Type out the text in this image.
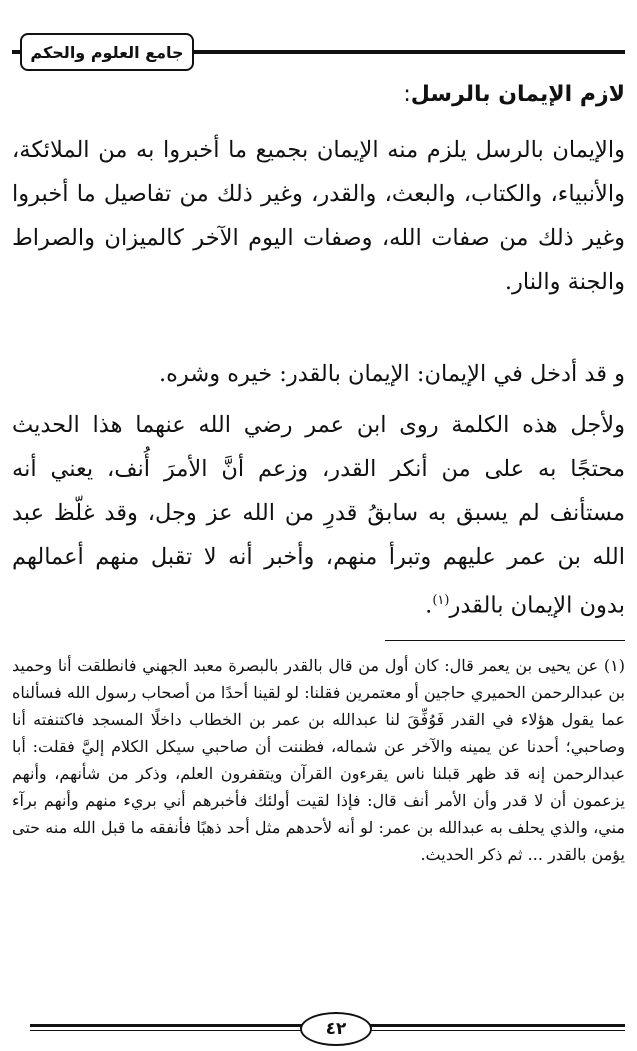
جامع العلوم والحكم
لازم الإيمان بالرسل:
والإيمان بالرسل يلزم منه الإيمان بجميع ما أخبروا به من الملائكة، والأنبياء، والكتاب، والبعث، والقدر، وغير ذلك من تفاصيل ما أخبروا وغير ذلك من صفات الله، وصفات اليوم الآخر كالميزان والصراط والجنة والنار.
و قد أدخل في الإيمان: الإيمان بالقدر: خيره وشره.
ولأجل هذه الكلمة روى ابن عمر رضي الله عنهما هذا الحديث محتجًا به على من أنكر القدر، وزعم أنَّ الأمرَ أُنف، يعني أنه مستأنف لم يسبق به سابقُ قدرِ من الله عز وجل، وقد غلّظ عبد الله بن عمر عليهم وتبرأ منهم، وأخبر أنه لا تقبل منهم أعمالهم بدون الإيمان بالقدر$^{(١)}$.
(١) عن يحيى بن يعمر قال: كان أول من قال بالقدر بالبصرة معبد الجهني فانطلقت أنا وحميد بن عبدالرحمن الحميري حاجين أو معتمرين فقلنا: لو لقينا أحدًا من أصحاب رسول الله فسألناه عما يقول هؤلاء في القدر فَوُفِّقَ لنا عبدالله بن عمر بن الخطاب داخلًا المسجد فاكتنفته أنا وصاحبي؛ أحدنا عن يمينه والآخر عن شماله، فظننت أن صاحبي سيكل الكلام إليَّ فقلت: أبا عبدالرحمن إنه قد ظهر قبلنا ناس يقرءون القرآن ويتقفرون العلم، وذكر من شأنهم، وأنهم يزعمون أن لا قدر وأن الأمر أنف قال: فإذا لقيت أولئك فأخبرهم أني بريء منهم وأنهم برآء مني، والذي يحلف به عبدالله بن عمر: لو أنه لأحدهم مثل أحد ذهبًا فأنفقه ما قبل الله منه حتى يؤمن بالقدر ... ثم ذكر الحديث.
٤٢
